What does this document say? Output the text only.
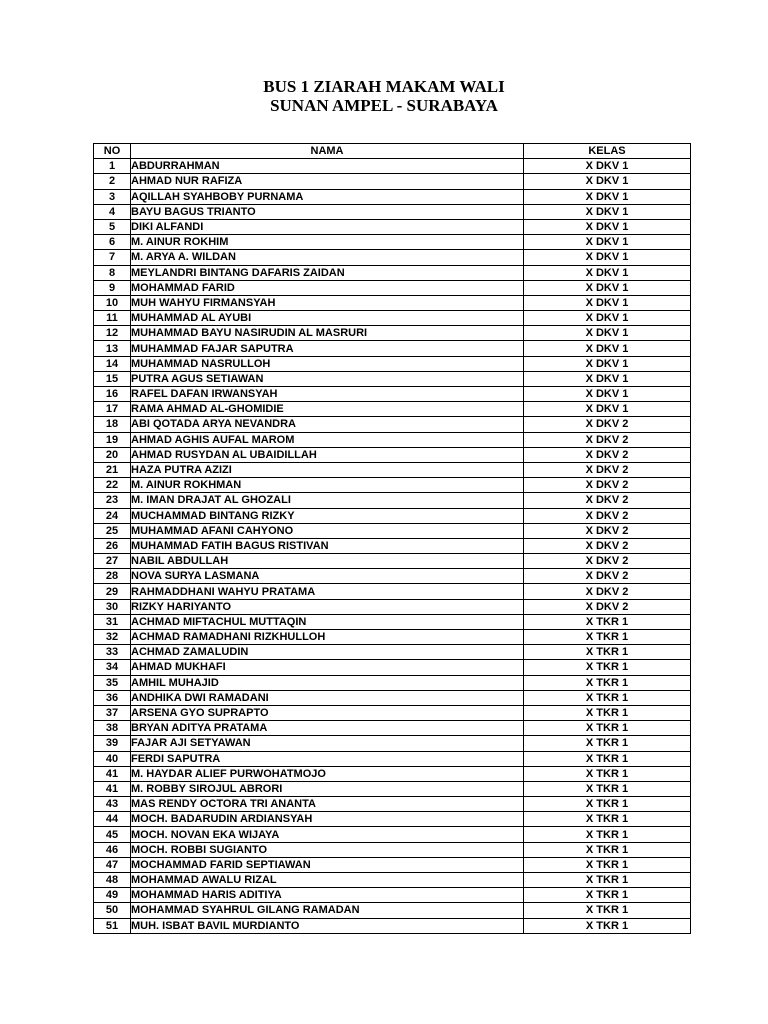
BUS 1 ZIARAH MAKAM WALI
SUNAN AMPEL - SURABAYA
NO	NAMA	KELAS
1	ABDURRAHMAN	X DKV 1
2	AHMAD NUR RAFIZA	X DKV 1
3	AQILLAH SYAHBOBY PURNAMA	X DKV 1
4	BAYU BAGUS TRIANTO	X DKV 1
5	DIKI ALFANDI	X DKV 1
6	M. AINUR ROKHIM	X DKV 1
7	M. ARYA A. WILDAN	X DKV 1
8	MEYLANDRI BINTANG DAFARIS ZAIDAN	X DKV 1
9	MOHAMMAD FARID	X DKV 1
10	MUH WAHYU FIRMANSYAH	X DKV 1
11	MUHAMMAD AL AYUBI	X DKV 1
12	MUHAMMAD BAYU NASIRUDIN AL MASRURI	X DKV 1
13	MUHAMMAD FAJAR SAPUTRA	X DKV 1
14	MUHAMMAD NASRULLOH	X DKV 1
15	PUTRA AGUS SETIAWAN	X DKV 1
16	RAFEL DAFAN IRWANSYAH	X DKV 1
17	RAMA AHMAD AL-GHOMIDIE	X DKV 1
18	ABI QOTADA ARYA NEVANDRA	X DKV 2
19	AHMAD AGHIS AUFAL MAROM	X DKV 2
20	AHMAD RUSYDAN AL UBAIDILLAH	X DKV 2
21	HAZA PUTRA AZIZI	X DKV 2
22	M. AINUR ROKHMAN	X DKV 2
23	M. IMAN DRAJAT AL GHOZALI	X DKV 2
24	MUCHAMMAD BINTANG RIZKY	X DKV 2
25	MUHAMMAD AFANI CAHYONO	X DKV 2
26	MUHAMMAD FATIH BAGUS RISTIVAN	X DKV 2
27	NABIL ABDULLAH	X DKV 2
28	NOVA SURYA LASMANA	X DKV 2
29	RAHMADDHANI WAHYU PRATAMA	X DKV 2
30	RIZKY HARIYANTO	X DKV 2
31	ACHMAD MIFTACHUL MUTTAQIN	X TKR 1
32	ACHMAD RAMADHANI RIZKHULLOH	X TKR 1
33	ACHMAD ZAMALUDIN	X TKR 1
34	AHMAD MUKHAFI	X TKR 1
35	AMHIL MUHAJID	X TKR 1
36	ANDHIKA DWI RAMADANI	X TKR 1
37	ARSENA GYO SUPRAPTO	X TKR 1
38	BRYAN ADITYA PRATAMA	X TKR 1
39	FAJAR AJI SETYAWAN	X TKR 1
40	FERDI SAPUTRA	X TKR 1
41	M. HAYDAR ALIEF PURWOHATMOJO	X TKR 1
41	M. ROBBY SIROJUL ABRORI	X TKR 1
43	MAS RENDY OCTORA TRI ANANTA	X TKR 1
44	MOCH. BADARUDIN ARDIANSYAH	X TKR 1
45	MOCH. NOVAN EKA WIJAYA	X TKR 1
46	MOCH. ROBBI SUGIANTO	X TKR 1
47	MOCHAMMAD FARID SEPTIAWAN	X TKR 1
48	MOHAMMAD AWALU RIZAL	X TKR 1
49	MOHAMMAD HARIS ADITIYA	X TKR 1
50	MOHAMMAD SYAHRUL GILANG RAMADAN	X TKR 1
51	MUH. ISBAT BAVIL MURDIANTO	X TKR 1
